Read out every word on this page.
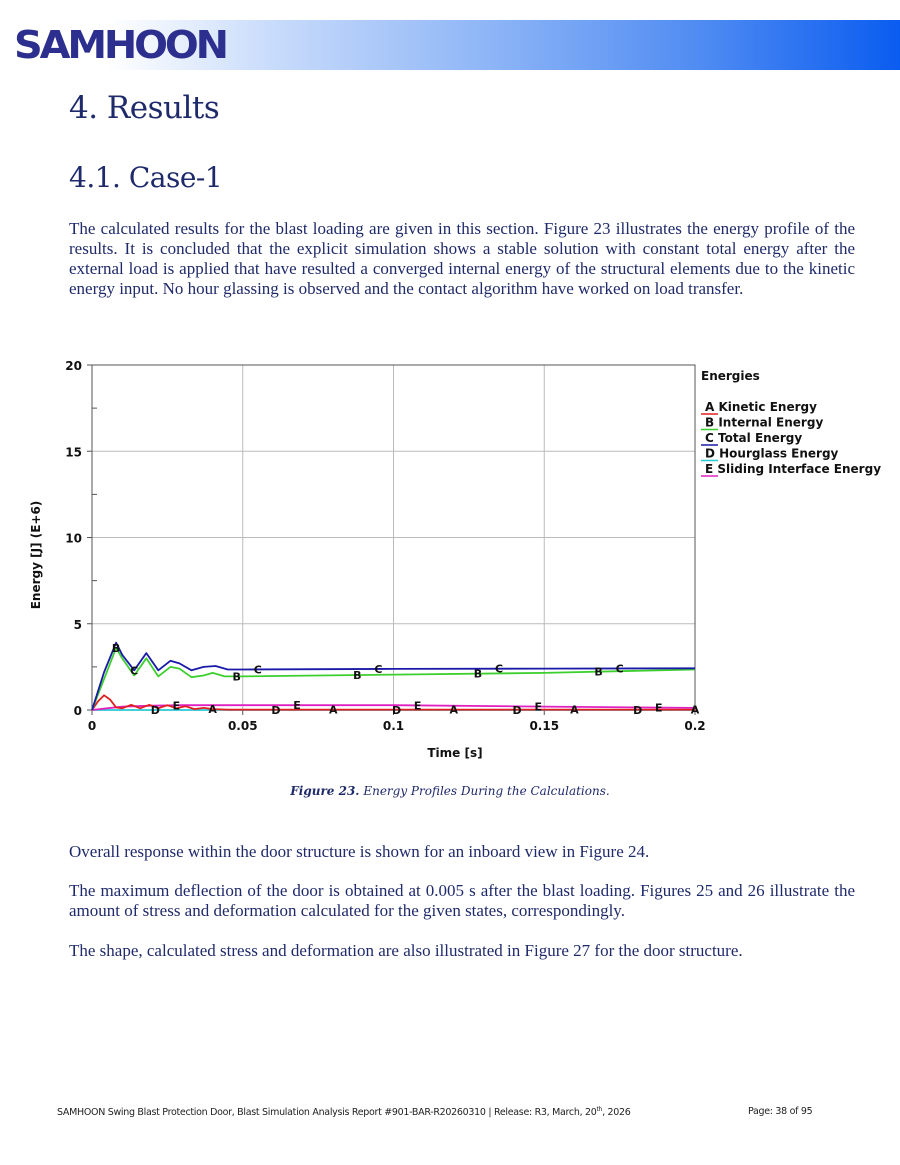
SAMHOON
4. Results
4.1. Case-1

The calculated results for the blast loading are given in this section. Figure 23 illustrates the energy profile of the results. It is concluded that the explicit simulation shows a stable solution with constant total energy after the external load is applied that have resulted a converged internal energy of the structural elements due to the kinetic energy input. No hour glassing is observed and the contact algorithm have worked on load transfer.

0	0.05	0.1	0.15	0.2
0
5
10
15
20
A	A	A	A	A
B
B	B	B	B
C	C	C	C	C
D	D	D	D	D
E	E	E	E	E
Time [s]
Energy [J] (E+6)
Energies
A Kinetic Energy
B Internal Energy
C Total Energy
D Hourglass Energy
E Sliding Interface Energy
Figure 23. Energy Profiles During the Calculations.

Overall response within the door structure is shown for an inboard view in Figure 24.

The maximum deflection of the door is obtained at 0.005 s after the blast loading. Figures 25 and 26 illustrate the amount of stress and deformation calculated for the given states, correspondingly.

The shape, calculated stress and deformation are also illustrated in Figure 27 for the door structure.

SAMHOON Swing Blast Protection Door, Blast Simulation Analysis Report #901-BAR-R20260310 | Release: R3, March, 20th, 2026	Page: 38 of 95
